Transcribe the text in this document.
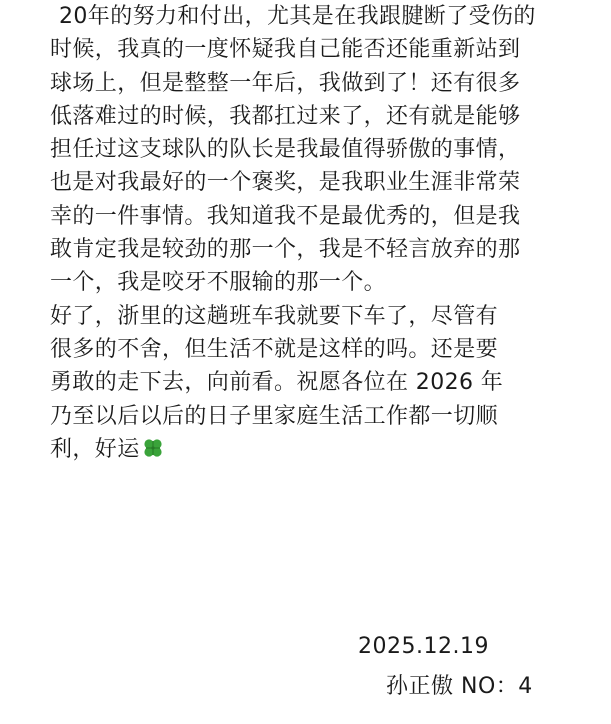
20年的努力和付出，尤其是在我跟腱断了受伤的
时候，我真的一度怀疑我自己能否还能重新站到
球场上，但是整整一年后，我做到了！还有很多
低落难过的时候，我都扛过来了，还有就是能够
担任过这支球队的队长是我最值得骄傲的事情，
也是对我最好的一个褒奖，是我职业生涯非常荣
幸的一件事情。我知道我不是最优秀的，但是我
敢肯定我是较劲的那一个，我是不轻言放弃的那
一个，我是咬牙不服输的那一个。
好了，浙里的这趟班车我就要下车了，尽管有
很多的不舍，但生活不就是这样的吗。还是要
勇敢的走下去，向前看。祝愿各位在 2026 年
乃至以后以后的日子里家庭生活工作都一切顺
利，好运
2025.12.19
孙正傲 NO：4
